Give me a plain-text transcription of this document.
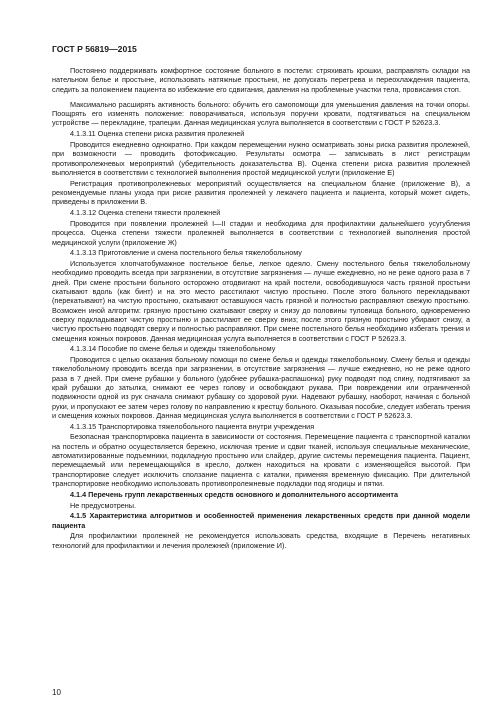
ГОСТ Р 56819—2015

Постоянно поддерживать комфортное состояние больного в постели: стряхивать крошки, расправлять складки на нательном белье и простыне, использовать натяжные простыни, не допускать перегрева и переохлаждения пациента, следить за положением пациента во избежание его сдвигания, давления на проблемные участки тела, провисания стоп.

Максимально расширять активность больного: обучить его самопомощи для уменьшения давления на точки опоры. Поощрять его изменять положение: поворачиваться, используя поручни кровати, подтягиваться на специальном устройстве — перекладине, трапеции. Данная медицинская услуга выполняется в соответствии с ГОСТ Р 52623.3.

4.1.3.11 Оценка степени риска развития пролежней

Проводится ежедневно однократно. При каждом перемещении нужно осматривать зоны риска развития пролежней, при возможности — проводить фотофиксацию. Результаты осмотра — записывать в лист регистрации противопролежневых мероприятий (убедительность доказательства В). Оценка степени риска развития пролежней выполняется в соответствии с технологией выполнения простой медицинской услуги (приложение Е)

Регистрация противопролежневых мероприятий осуществляется на специальном бланке (приложение В), а рекомендуемые планы ухода при риске развития пролежней у лежачего пациента и пациента, который может сидеть, приведены в приложении В.

4.1.3.12 Оценка степени тяжести пролежней

Проводится при появлении пролежней I—II стадии и необходима для профилактики дальнейшего усугубления процесса. Оценка степени тяжести пролежней выполняется в соответствии с технологией выполнения простой медицинской услуги (приложение Ж)

4.1.3.13 Приготовление и смена постельного белья тяжелобольному

Используется хлопчатобумажное постельное белье, легкое одеяло. Смену постельного белья тяжелобольному необходимо проводить всегда при загрязнении, в отсутствие загрязнения — лучше ежедневно, но не реже одного раза в 7 дней. При смене простыни больного осторожно отодвигают на край постели, освободившуюся часть грязной простыни скатывают вдоль (как бинт) и на это место расстилают чистую простыню. После этого больного перекладывают (перекатывают) на чистую простыню, скатывают оставшуюся часть грязной и полностью расправляют свежую простыню. Возможен иной алгоритм: грязную простыню скатывают сверху и снизу до половины туловища больного, одновременно сверху подкладывают чистую простыню и расстилают ее сверху вниз; после этого грязную простыню убирают снизу, а чистую простыню подводят сверху и полностью расправляют. При смене постельного белья необходимо избегать трения и смещения кожных покровов. Данная медицинская услуга выполняется в соответствии с ГОСТ Р 52623.3.

4.1.3.14 Пособие по смене белья и одежды тяжелобольному

Проводится с целью оказания больному помощи по смене белья и одежды тяжелобольному. Смену белья и одежды тяжелобольному проводить всегда при загрязнении, в отсутствие загрязнения — лучше ежедневно, но не реже одного раза в 7 дней. При смене рубашки у больного (удобнее рубашка-распашонка) руку подводят под спину, подтягивают за край рубашки до затылка, снимают ее через голову и освобождают рукава. При повреждении или ограниченной подвижности одной из рук сначала снимают рубашку со здоровой руки. Надевают рубашку, наоборот, начиная с больной руки, и пропускают ее затем через голову по направлению к крестцу больного. Оказывая пособие, следует избегать трения и смещения кожных покровов. Данная медицинская услуга выполняется в соответствии с ГОСТ Р 52623.3.

4.1.3.15 Транспортировка тяжелобольного пациента внутри учреждения

Безопасная транспортировка пациента в зависимости от состояния. Перемещение пациента с транспортной каталки на постель и обратно осуществляется бережно, исключая трение и сдвиг тканей, используя специальные механические, автоматизированные подъемники, подкладную простыню или слайдер, другие системы перемещения пациента. Пациент, перемещаемый или перемещающийся в кресло, должен находиться на кровати с изменяющейся высотой. При транспортировке следует исключить сползание пациента с каталки, применяя временную фиксацию. При длительной транспортировке необходимо использовать противопролежневые подкладки под ягодицы и пятки.

4.1.4 Перечень групп лекарственных средств основного и дополнительного ассортимента

Не предусмотрены.

4.1.5 Характеристика алгоритмов и особенностей применения лекарственных средств при данной модели пациента

Для профилактики пролежней не рекомендуется использовать средства, входящие в Перечень негативных технологий для профилактики и лечения пролежней (приложение И).

10
